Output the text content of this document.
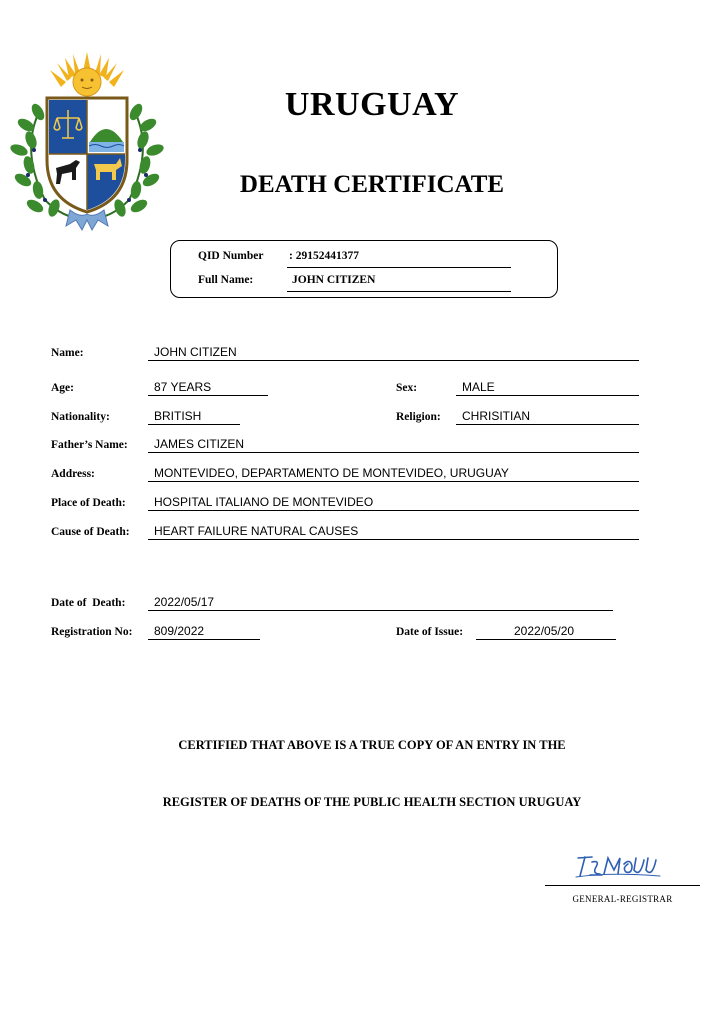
URUGUAY
DEATH CERTIFICATE
QID Number : 29152441377
Full Name:	JOHN CITIZEN
Name:	JOHN CITIZEN
Age:	87 YEARS	Sex:	MALE
Nationality:	BRITISH	Religion:	CHRISITIAN
Father’s Name:	JAMES CITIZEN
Address:	MONTEVIDEO, DEPARTAMENTO DE MONTEVIDEO, URUGUAY
Place of Death:	HOSPITAL ITALIANO DE MONTEVIDEO
Cause of Death:	HEART FAILURE NATURAL CAUSES
Date of  Death:	2022/05/17
Registration No:	809/2022	Date of Issue:	2022/05/20
CERTIFIED THAT ABOVE IS A TRUE COPY OF AN ENTRY IN THE
REGISTER OF DEATHS OF THE PUBLIC HEALTH SECTION URUGUAY
GENERAL-REGISTRAR
